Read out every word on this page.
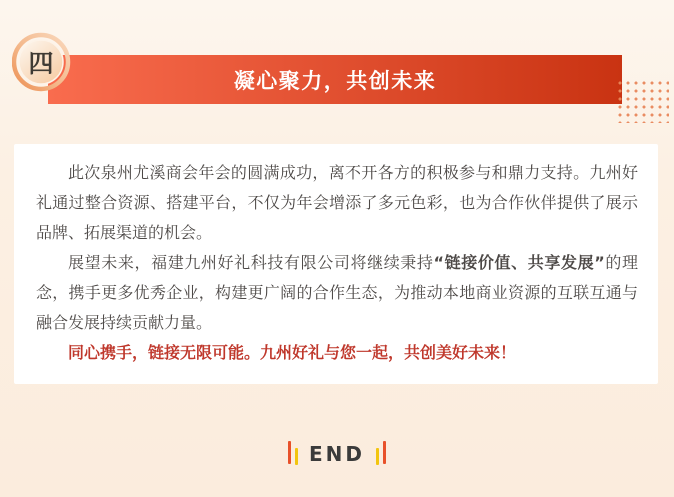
四
凝心聚力，共创未来

此次泉州尤溪商会年会的圆满成功，离不开各方的积极参与和鼎力支持。九州好礼通过整合资源、搭建平台，不仅为年会增添了多元色彩，也为合作伙伴提供了展示品牌、拓展渠道的机会。

展望未来，福建九州好礼科技有限公司将继续秉持“链接价值、共享发展”的理念，携手更多优秀企业，构建更广阔的合作生态，为推动本地商业资源的互联互通与融合发展持续贡献力量。

同心携手，链接无限可能。九州好礼与您一起，共创美好未来！

END
